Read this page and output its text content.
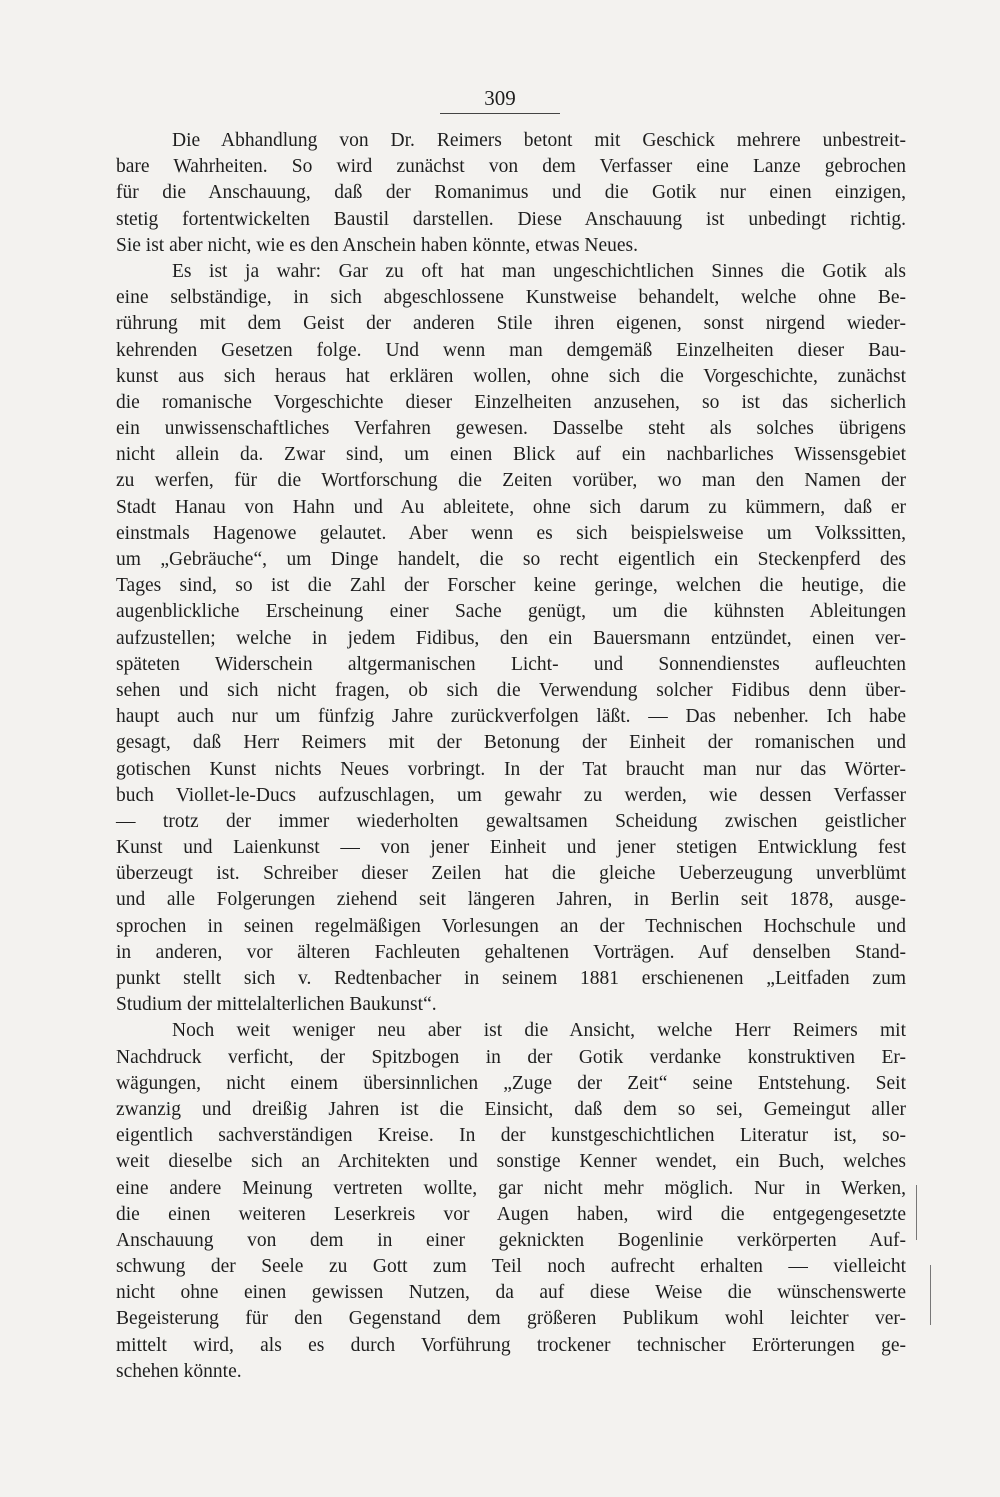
309
Die Abhandlung von Dr. Reimers betont mit Geschick mehrere unbestreit-
bare Wahrheiten. So wird zunächst von dem Verfasser eine Lanze gebrochen
für die Anschauung, daß der Romanimus und die Gotik nur einen einzigen,
stetig fortentwickelten Baustil darstellen. Diese Anschauung ist unbedingt richtig.
Sie ist aber nicht, wie es den Anschein haben könnte, etwas Neues.
Es ist ja wahr: Gar zu oft hat man ungeschichtlichen Sinnes die Gotik als
eine selbständige, in sich abgeschlossene Kunstweise behandelt, welche ohne Be-
rührung mit dem Geist der anderen Stile ihren eigenen, sonst nirgend wieder-
kehrenden Gesetzen folge. Und wenn man demgemäß Einzelheiten dieser Bau-
kunst aus sich heraus hat erklären wollen, ohne sich die Vorgeschichte, zunächst
die romanische Vorgeschichte dieser Einzelheiten anzusehen, so ist das sicherlich
ein unwissenschaftliches Verfahren gewesen. Dasselbe steht als solches übrigens
nicht allein da. Zwar sind, um einen Blick auf ein nachbarliches Wissensgebiet
zu werfen, für die Wortforschung die Zeiten vorüber, wo man den Namen der
Stadt Hanau von Hahn und Au ableitete, ohne sich darum zu kümmern, daß er
einstmals Hagenowe gelautet. Aber wenn es sich beispielsweise um Volkssitten,
um „Gebräuche“, um Dinge handelt, die so recht eigentlich ein Steckenpferd des
Tages sind, so ist die Zahl der Forscher keine geringe, welchen die heutige, die
augenblickliche Erscheinung einer Sache genügt, um die kühnsten Ableitungen
aufzustellen; welche in jedem Fidibus, den ein Bauersmann entzündet, einen ver-
späteten Widerschein altgermanischen Licht- und Sonnendienstes aufleuchten
sehen und sich nicht fragen, ob sich die Verwendung solcher Fidibus denn über-
haupt auch nur um fünfzig Jahre zurückverfolgen läßt. — Das nebenher. Ich habe
gesagt, daß Herr Reimers mit der Betonung der Einheit der romanischen und
gotischen Kunst nichts Neues vorbringt. In der Tat braucht man nur das Wörter-
buch Viollet-le-Ducs aufzuschlagen, um gewahr zu werden, wie dessen Verfasser
— trotz der immer wiederholten gewaltsamen Scheidung zwischen geistlicher
Kunst und Laienkunst — von jener Einheit und jener stetigen Entwicklung fest
überzeugt ist. Schreiber dieser Zeilen hat die gleiche Ueberzeugung unverblümt
und alle Folgerungen ziehend seit längeren Jahren, in Berlin seit 1878, ausge-
sprochen in seinen regelmäßigen Vorlesungen an der Technischen Hochschule und
in anderen, vor älteren Fachleuten gehaltenen Vorträgen. Auf denselben Stand-
punkt stellt sich v. Redtenbacher in seinem 1881 erschienenen „Leitfaden zum
Studium der mittelalterlichen Baukunst“.
Noch weit weniger neu aber ist die Ansicht, welche Herr Reimers mit
Nachdruck verficht, der Spitzbogen in der Gotik verdanke konstruktiven Er-
wägungen, nicht einem übersinnlichen „Zuge der Zeit“ seine Entstehung. Seit
zwanzig und dreißig Jahren ist die Einsicht, daß dem so sei, Gemeingut aller
eigentlich sachverständigen Kreise. In der kunstgeschichtlichen Literatur ist, so-
weit dieselbe sich an Architekten und sonstige Kenner wendet, ein Buch, welches
eine andere Meinung vertreten wollte, gar nicht mehr möglich. Nur in Werken,
die einen weiteren Leserkreis vor Augen haben, wird die entgegengesetzte
Anschauung von dem in einer geknickten Bogenlinie verkörperten Auf-
schwung der Seele zu Gott zum Teil noch aufrecht erhalten — vielleicht
nicht ohne einen gewissen Nutzen, da auf diese Weise die wünschenswerte
Begeisterung für den Gegenstand dem größeren Publikum wohl leichter ver-
mittelt wird, als es durch Vorführung trockener technischer Erörterungen ge-
schehen könnte.
